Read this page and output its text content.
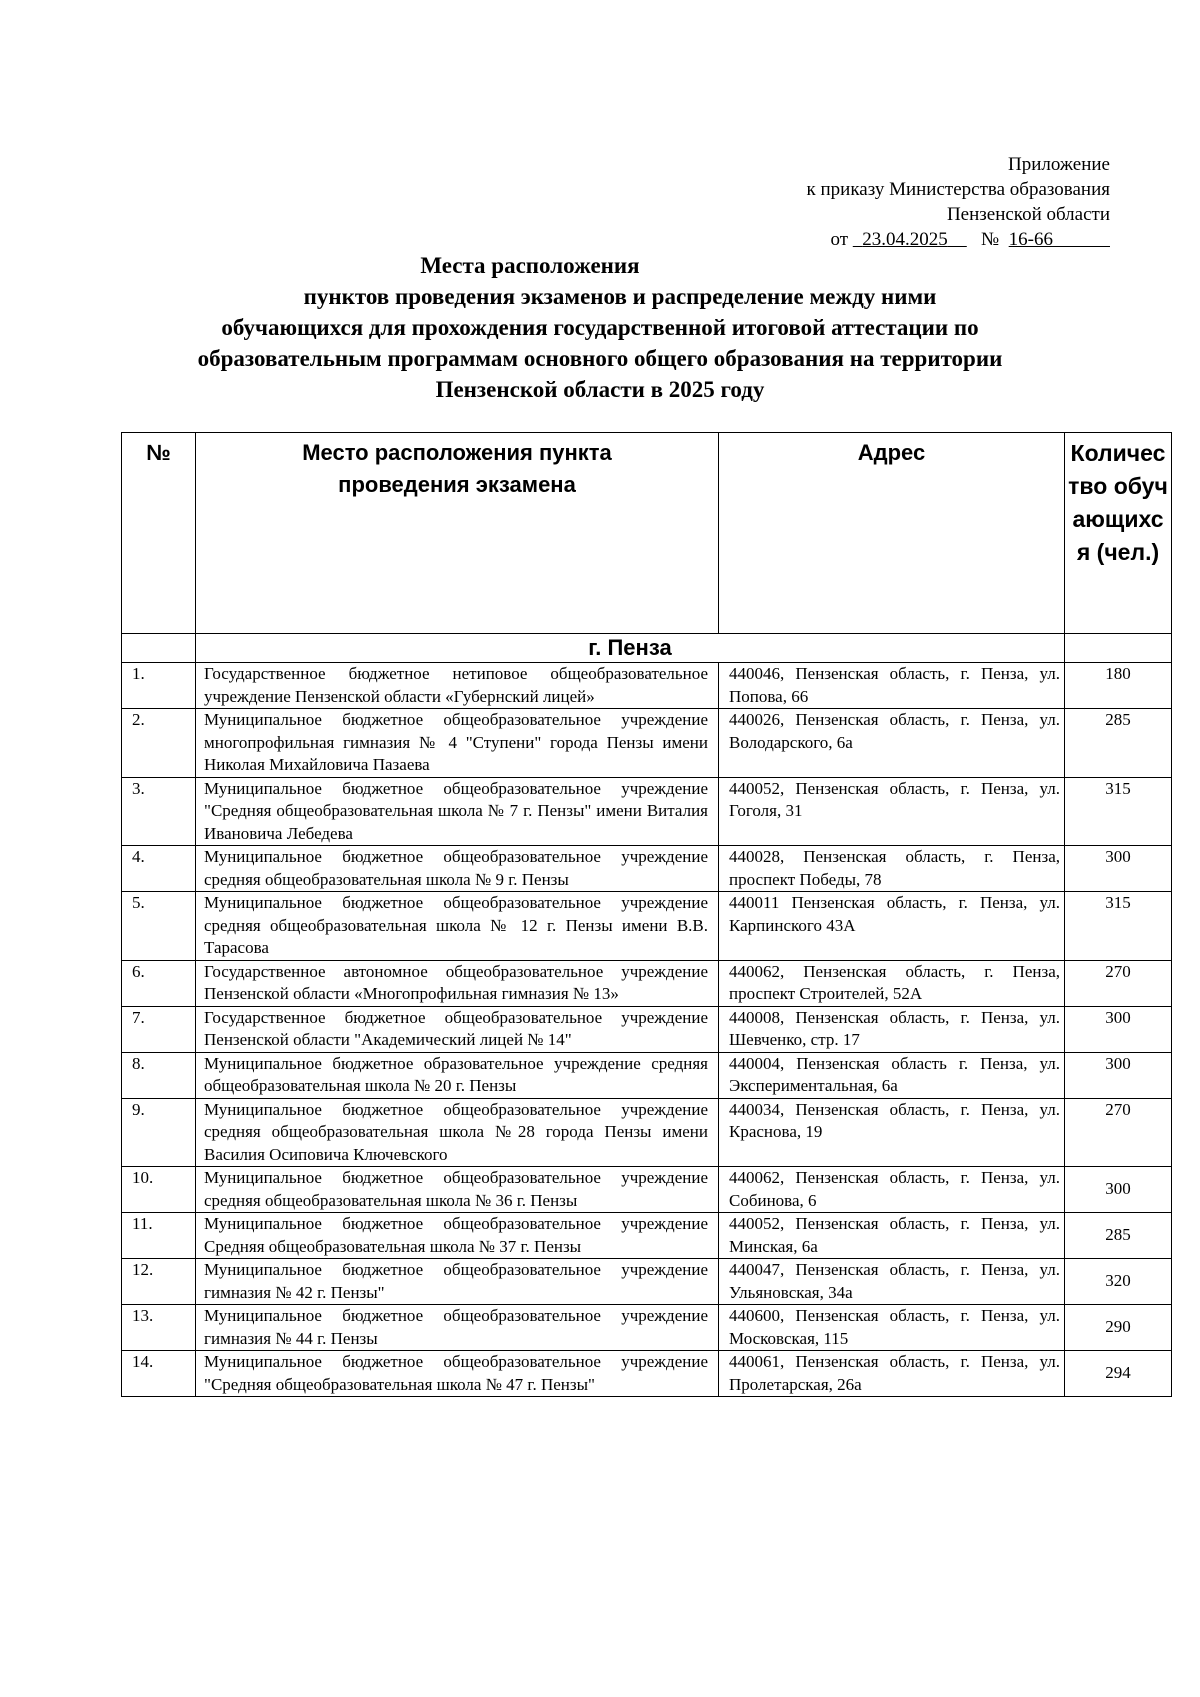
Приложение
к приказу Министерства образования
Пензенской области
от 23.04.2025 № 16-66
Места расположения
пунктов проведения экзаменов и распределение между ними
обучающихся для прохождения государственной итоговой аттестации по
образовательным программам основного общего образования на территории
Пензенской области в 2025 году
№	Место расположения пункта проведения экзамена	Адрес	Количество обучающихся (чел.)
	г. Пенза		
1.	Государственное бюджетное нетиповое общеобразовательное учреждение Пензенской области «Губернский лицей»	440046, Пензенская область, г. Пенза, ул. Попова, 66	180
2.	Муниципальное бюджетное общеобразовательное учреждение многопрофильная гимназия № 4 "Ступени" города Пензы имени Николая Михайловича Пазаева	440026, Пензенская область, г. Пенза, ул. Володарского, 6а	285
3.	Муниципальное бюджетное общеобразовательное учреждение "Средняя общеобразовательная школа № 7 г. Пензы" имени Виталия Ивановича Лебедева	440052, Пензенская область, г. Пенза, ул. Гоголя, 31	315
4.	Муниципальное бюджетное общеобразовательное учреждение средняя общеобразовательная школа № 9 г. Пензы	440028, Пензенская область, г. Пенза, проспект Победы, 78	300
5.	Муниципальное бюджетное общеобразовательное учреждение средняя общеобразовательная школа № 12 г. Пензы имени В.В. Тарасова	440011 Пензенская область, г. Пенза, ул. Карпинского 43А	315
6.	Государственное автономное общеобразовательное учреждение Пензенской области «Многопрофильная гимназия № 13»	440062, Пензенская область, г. Пенза, проспект Строителей, 52А	270
7.	Государственное бюджетное общеобразовательное учреждение Пензенской области "Академический лицей № 14"	440008, Пензенская область, г. Пенза, ул. Шевченко, стр. 17	300
8.	Муниципальное бюджетное образовательное учреждение средняя общеобразовательная школа № 20 г. Пензы	440004, Пензенская область г. Пенза, ул. Экспериментальная, 6а	300
9.	Муниципальное бюджетное общеобразовательное учреждение средняя общеобразовательная школа №28 города Пензы имени Василия Осиповича Ключевского	440034, Пензенская область, г. Пенза, ул. Краснова, 19	270
10.	Муниципальное бюджетное общеобразовательное учреждение средняя общеобразовательная школа № 36 г. Пензы	440062, Пензенская область, г. Пенза, ул. Собинова, 6	300
11.	Муниципальное бюджетное общеобразовательное учреждение Средняя общеобразовательная школа № 37 г. Пензы	440052, Пензенская область, г. Пенза, ул. Минская, 6а	285
12.	Муниципальное бюджетное общеобразовательное учреждение гимназия № 42 г. Пензы"	440047, Пензенская область, г. Пенза, ул. Ульяновская, 34а	320
13.	Муниципальное бюджетное общеобразовательное учреждение гимназия № 44 г. Пензы	440600, Пензенская область, г. Пенза, ул. Московская, 115	290
14.	Муниципальное бюджетное общеобразовательное учреждение "Средняя общеобразовательная школа № 47 г. Пензы"	440061, Пензенская область, г. Пенза, ул. Пролетарская, 26а	294
